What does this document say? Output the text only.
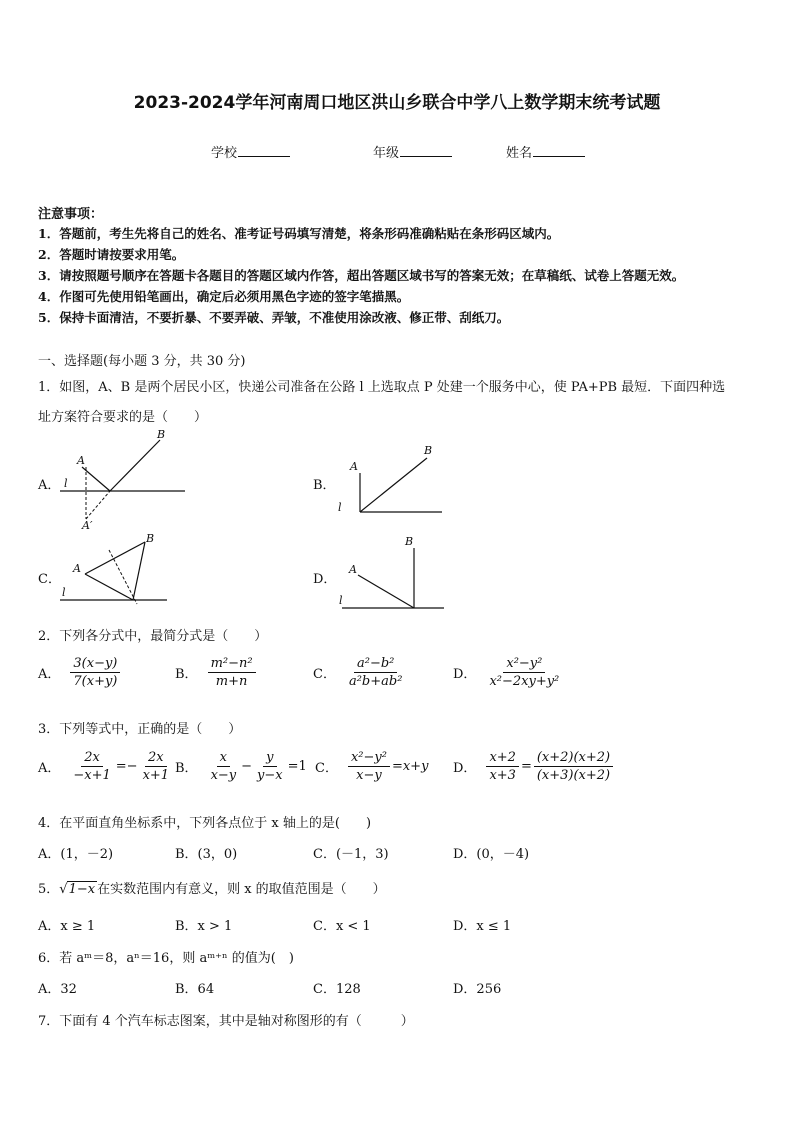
2023-2024学年河南周口地区洪山乡联合中学八上数学期末统考试题
学校	年级	姓名
注意事项：
1．答题前，考生先将自己的姓名、准考证号码填写清楚，将条形码准确粘贴在条形码区域内。
2．答题时请按要求用笔。
3．请按照题号顺序在答题卡各题目的答题区域内作答，超出答题区域书写的答案无效；在草稿纸、试卷上答题无效。
4．作图可先使用铅笔画出，确定后必须用黑色字迹的签字笔描黑。
5．保持卡面清洁，不要折暴、不要弄破、弄皱，不准使用涂改液、修正带、刮纸刀。
一、选择题(每小题 3 分，共 30 分)
1．如图，A、B 是两个居民小区，快递公司准备在公路 l 上选取点 P 处建一个服务中心，使 PA+PB 最短．下面四种选
址方案符合要求的是（　　）
A．
A
B
l
A′
B．
A
B
l
C．
A
B
l
D．
A
B
l
2．下列各分式中，最简分式是（　　）
A． $\frac{3(x-y)}{7(x+y)}$	B． $\frac{\text{m²−n²}}{m+n}$	C． $\frac{\text{a²−b²}}{\text{a²b+ab²}}$	D． $\frac{\text{x²−y²}}{\text{x²−2xy+y²}}$
3．下列等式中，正确的是（　　）
A． $\frac{2x}{-x+1} =- \frac{2x}{x+1}$ B． $\frac{x}{x-y} - \frac{y}{y-x} =1$ C． $\frac{\text{x²−y²}}{x-y} =x+y$ D． $\frac{x+2}{x+3} = \frac{(x+2)(x+2)}{(x+3)(x+2)}$
4．在平面直角坐标系中，下列各点位于 x 轴上的是(　　)
A．(1，－2)	B．(3，0)	C．(－1，3)	D．(0，－4)
5．√1−x 在实数范围内有意义，则 x 的取值范围是（　　）
A．x ≥ 1	B．x > 1	C．x < 1	D．x ≤ 1
6．若 aᵐ＝8，aⁿ＝16，则 aᵐ⁺ⁿ 的值为(　)
A．32	B．64	C．128	D．256
7．下面有 4 个汽车标志图案，其中是轴对称图形的有（　　　）
